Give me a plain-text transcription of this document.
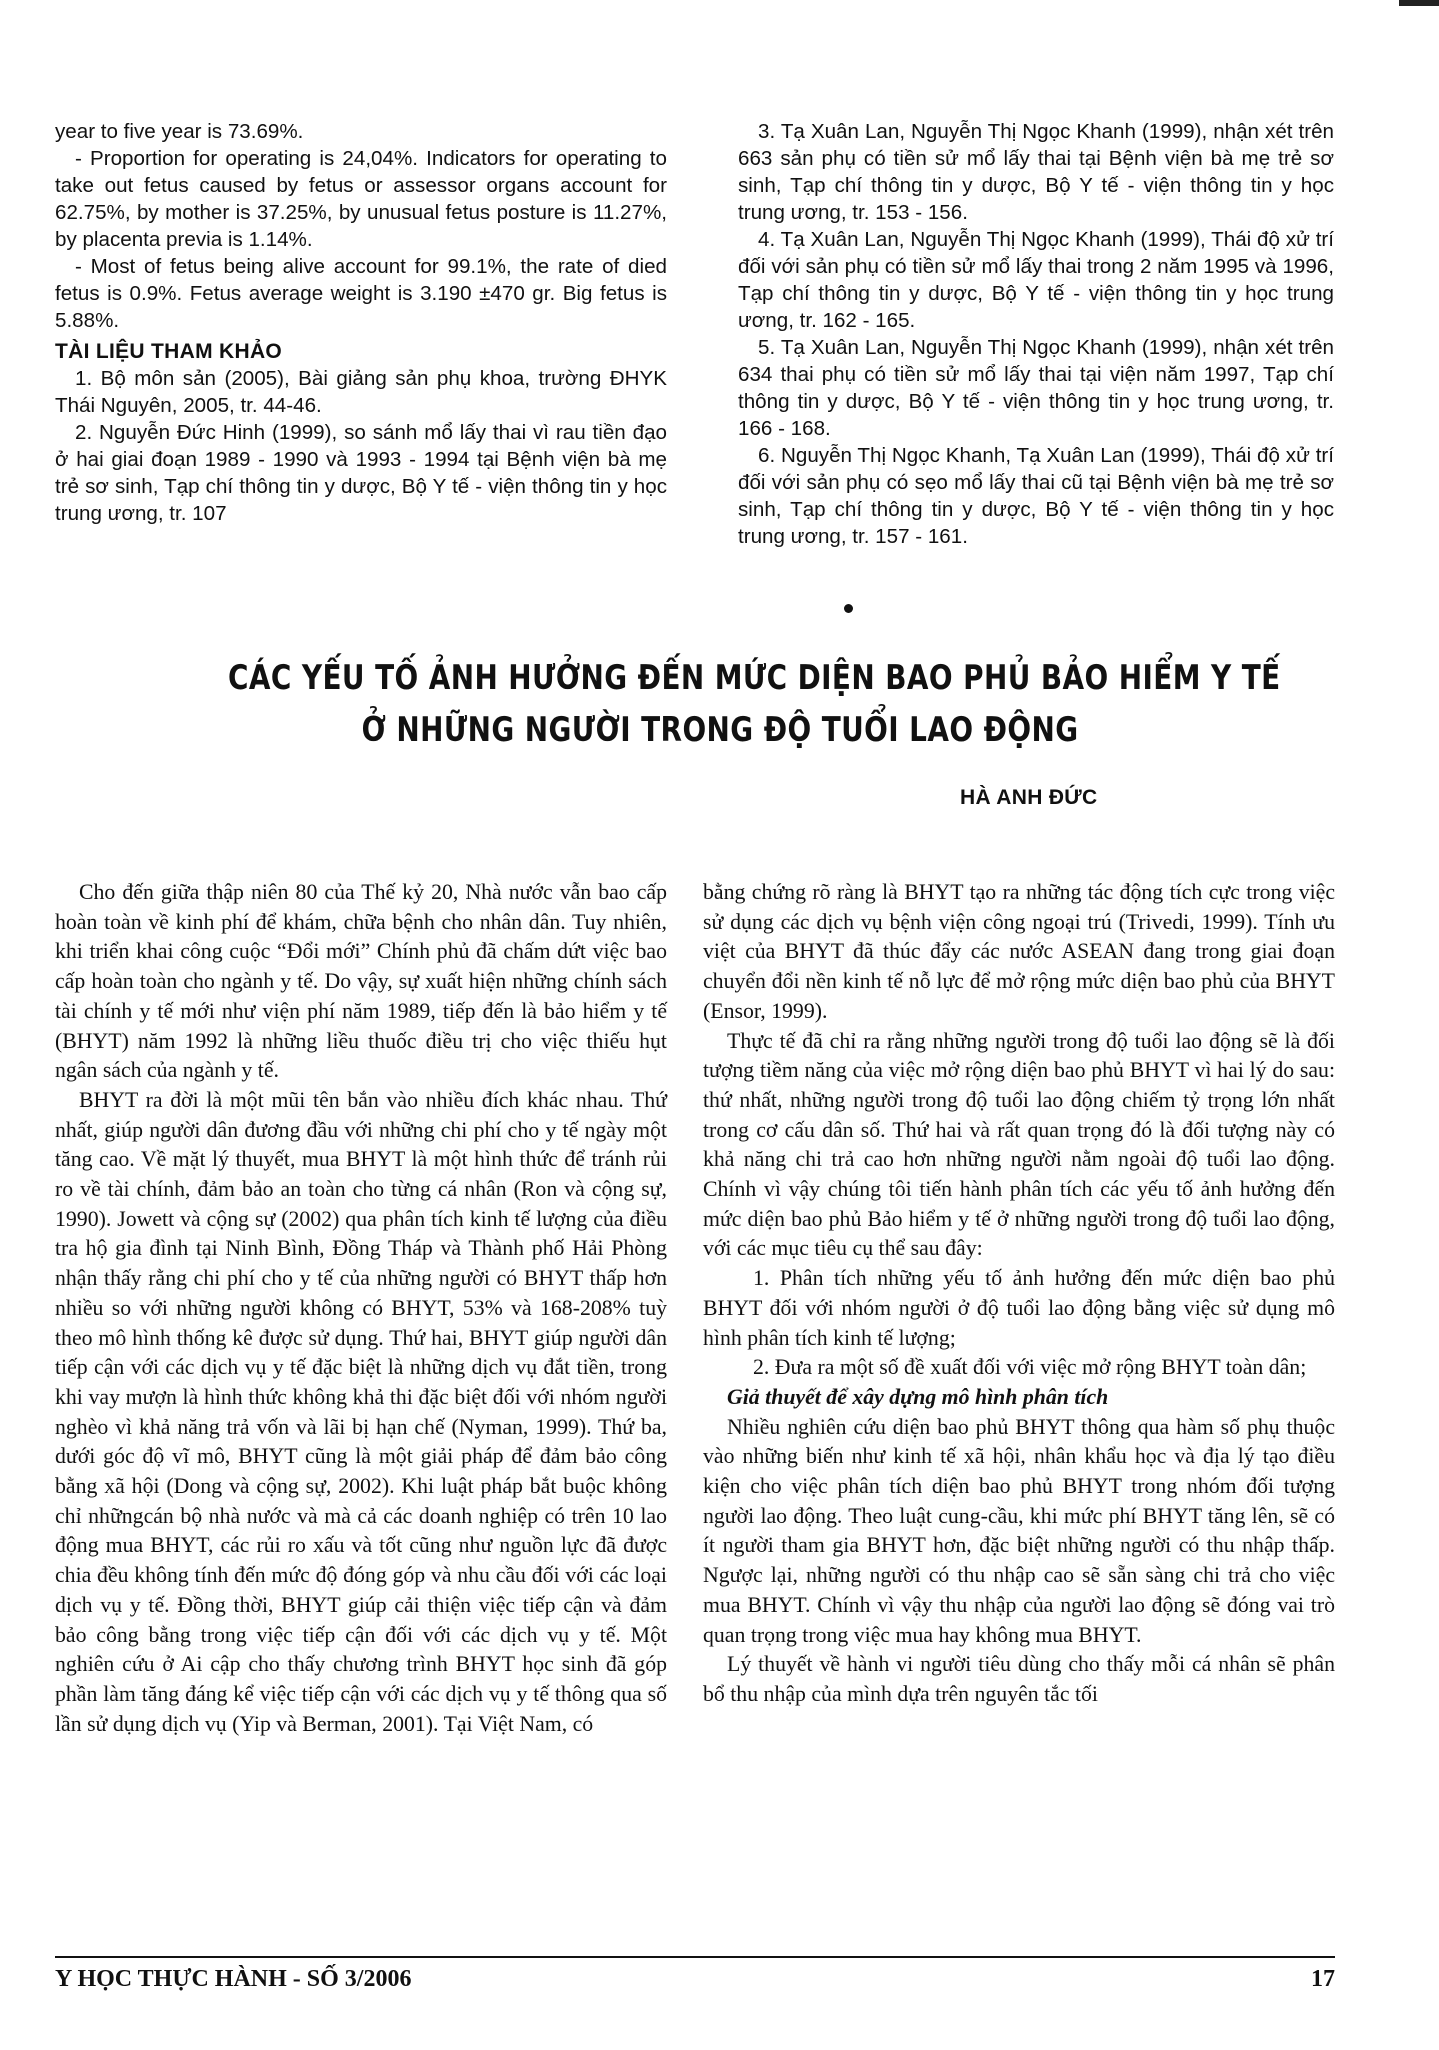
year to five year is 73.69%.

- Proportion for operating is 24,04%. Indicators for operating to take out fetus caused by fetus or assessor organs account for 62.75%, by mother is 37.25%, by unusual fetus posture is 11.27%, by placenta previa is 1.14%.

- Most of fetus being alive account for 99.1%, the rate of died fetus is 0.9%. Fetus average weight is 3.190 ±470 gr. Big fetus is 5.88%.

TÀI LIỆU THAM KHẢO

1. Bộ môn sản (2005), Bài giảng sản phụ khoa, trường ĐHYK Thái Nguyên, 2005, tr. 44-46.

2. Nguyễn Đức Hinh (1999), so sánh mổ lấy thai vì rau tiền đạo ở hai giai đoạn 1989 - 1990 và 1993 - 1994 tại Bệnh viện bà mẹ trẻ sơ sinh, Tạp chí thông tin y dược, Bộ Y tế - viện thông tin y học trung ương, tr. 107

3. Tạ Xuân Lan, Nguyễn Thị Ngọc Khanh (1999), nhận xét trên 663 sản phụ có tiền sử mổ lấy thai tại Bệnh viện bà mẹ trẻ sơ sinh, Tạp chí thông tin y dược, Bộ Y tế - viện thông tin y học trung ương, tr. 153 - 156.

4. Tạ Xuân Lan, Nguyễn Thị Ngọc Khanh (1999), Thái độ xử trí đối với sản phụ có tiền sử mổ lấy thai trong 2 năm 1995 và 1996, Tạp chí thông tin y dược, Bộ Y tế - viện thông tin y học trung ương, tr. 162 - 165.

5. Tạ Xuân Lan, Nguyễn Thị Ngọc Khanh (1999), nhận xét trên 634 thai phụ có tiền sử mổ lấy thai tại viện năm 1997, Tạp chí thông tin y dược, Bộ Y tế - viện thông tin y học trung ương, tr. 166 - 168.

6. Nguyễn Thị Ngọc Khanh, Tạ Xuân Lan (1999), Thái độ xử trí đối với sản phụ có sẹo mổ lấy thai cũ tại Bệnh viện bà mẹ trẻ sơ sinh, Tạp chí thông tin y dược, Bộ Y tế - viện thông tin y học trung ương, tr. 157 - 161.

CÁC YẾU TỐ ẢNH HƯỞNG ĐẾN MỨC DIỆN BAO PHỦ BẢO HIỂM Y TẾ
Ở NHỮNG NGƯỜI TRONG ĐỘ TUỔI LAO ĐỘNG
HÀ ANH ĐỨC

Cho đến giữa thập niên 80 của Thế kỷ 20, Nhà nước vẫn bao cấp hoàn toàn về kinh phí để khám, chữa bệnh cho nhân dân. Tuy nhiên, khi triển khai công cuộc “Đổi mới” Chính phủ đã chấm dứt việc bao cấp hoàn toàn cho ngành y tế. Do vậy, sự xuất hiện những chính sách tài chính y tế mới như viện phí năm 1989, tiếp đến là bảo hiểm y tế (BHYT) năm 1992 là những liều thuốc điều trị cho việc thiếu hụt ngân sách của ngành y tế.

BHYT ra đời là một mũi tên bắn vào nhiều đích khác nhau. Thứ nhất, giúp người dân đương đầu với những chi phí cho y tế ngày một tăng cao. Về mặt lý thuyết, mua BHYT là một hình thức để tránh rủi ro về tài chính, đảm bảo an toàn cho từng cá nhân (Ron và cộng sự, 1990). Jowett và cộng sự (2002) qua phân tích kinh tế lượng của điều tra hộ gia đình tại Ninh Bình, Đồng Tháp và Thành phố Hải Phòng nhận thấy rằng chi phí cho y tế của những người có BHYT thấp hơn nhiều so với những người không có BHYT, 53% và 168-208% tuỳ theo mô hình thống kê được sử dụng. Thứ hai, BHYT giúp người dân tiếp cận với các dịch vụ y tế đặc biệt là những dịch vụ đắt tiền, trong khi vay mượn là hình thức không khả thi đặc biệt đối với nhóm người nghèo vì khả năng trả vốn và lãi bị hạn chế (Nyman, 1999). Thứ ba, dưới góc độ vĩ mô, BHYT cũng là một giải pháp để đảm bảo công bằng xã hội (Dong và cộng sự, 2002). Khi luật pháp bắt buộc không chỉ nhữngcán bộ nhà nước và mà cả các doanh nghiệp có trên 10 lao động mua BHYT, các rủi ro xấu và tốt cũng như nguồn lực đã được chia đều không tính đến mức độ đóng góp và nhu cầu đối với các loại dịch vụ y tế. Đồng thời, BHYT giúp cải thiện việc tiếp cận và đảm bảo công bằng trong việc tiếp cận đối với các dịch vụ y tế. Một nghiên cứu ở Ai cập cho thấy chương trình BHYT học sinh đã góp phần làm tăng đáng kể việc tiếp cận với các dịch vụ y tế thông qua số lần sử dụng dịch vụ (Yip và Berman, 2001). Tại Việt Nam, có

bằng chứng rõ ràng là BHYT tạo ra những tác động tích cực trong việc sử dụng các dịch vụ bệnh viện công ngoại trú (Trivedi, 1999). Tính ưu việt của BHYT đã thúc đẩy các nước ASEAN đang trong giai đoạn chuyển đổi nền kinh tế nỗ lực để mở rộng mức diện bao phủ của BHYT (Ensor, 1999).

Thực tế đã chỉ ra rằng những người trong độ tuổi lao động sẽ là đối tượng tiềm năng của việc mở rộng diện bao phủ BHYT vì hai lý do sau: thứ nhất, những người trong độ tuổi lao động chiếm tỷ trọng lớn nhất trong cơ cấu dân số. Thứ hai và rất quan trọng đó là đối tượng này có khả năng chi trả cao hơn những người nằm ngoài độ tuổi lao động. Chính vì vậy chúng tôi tiến hành phân tích các yếu tố ảnh hưởng đến mức diện bao phủ Bảo hiểm y tế ở những người trong độ tuổi lao động, với các mục tiêu cụ thể sau đây:

1. Phân tích những yếu tố ảnh hưởng đến mức diện bao phủ BHYT đối với nhóm người ở độ tuổi lao động bằng việc sử dụng mô hình phân tích kinh tế lượng;

2. Đưa ra một số đề xuất đối với việc mở rộng BHYT toàn dân;

Giả thuyết để xây dựng mô hình phân tích

Nhiều nghiên cứu diện bao phủ BHYT thông qua hàm số phụ thuộc vào những biến như kinh tế xã hội, nhân khẩu học và địa lý tạo điều kiện cho việc phân tích diện bao phủ BHYT trong nhóm đối tượng người lao động. Theo luật cung-cầu, khi mức phí BHYT tăng lên, sẽ có ít người tham gia BHYT hơn, đặc biệt những người có thu nhập thấp. Ngược lại, những người có thu nhập cao sẽ sẵn sàng chi trả cho việc mua BHYT. Chính vì vậy thu nhập của người lao động sẽ đóng vai trò quan trọng trong việc mua hay không mua BHYT.

Lý thuyết về hành vi người tiêu dùng cho thấy mỗi cá nhân sẽ phân bổ thu nhập của mình dựa trên nguyên tắc tối

Y HỌC THỰC HÀNH - SỐ 3/2006	17
